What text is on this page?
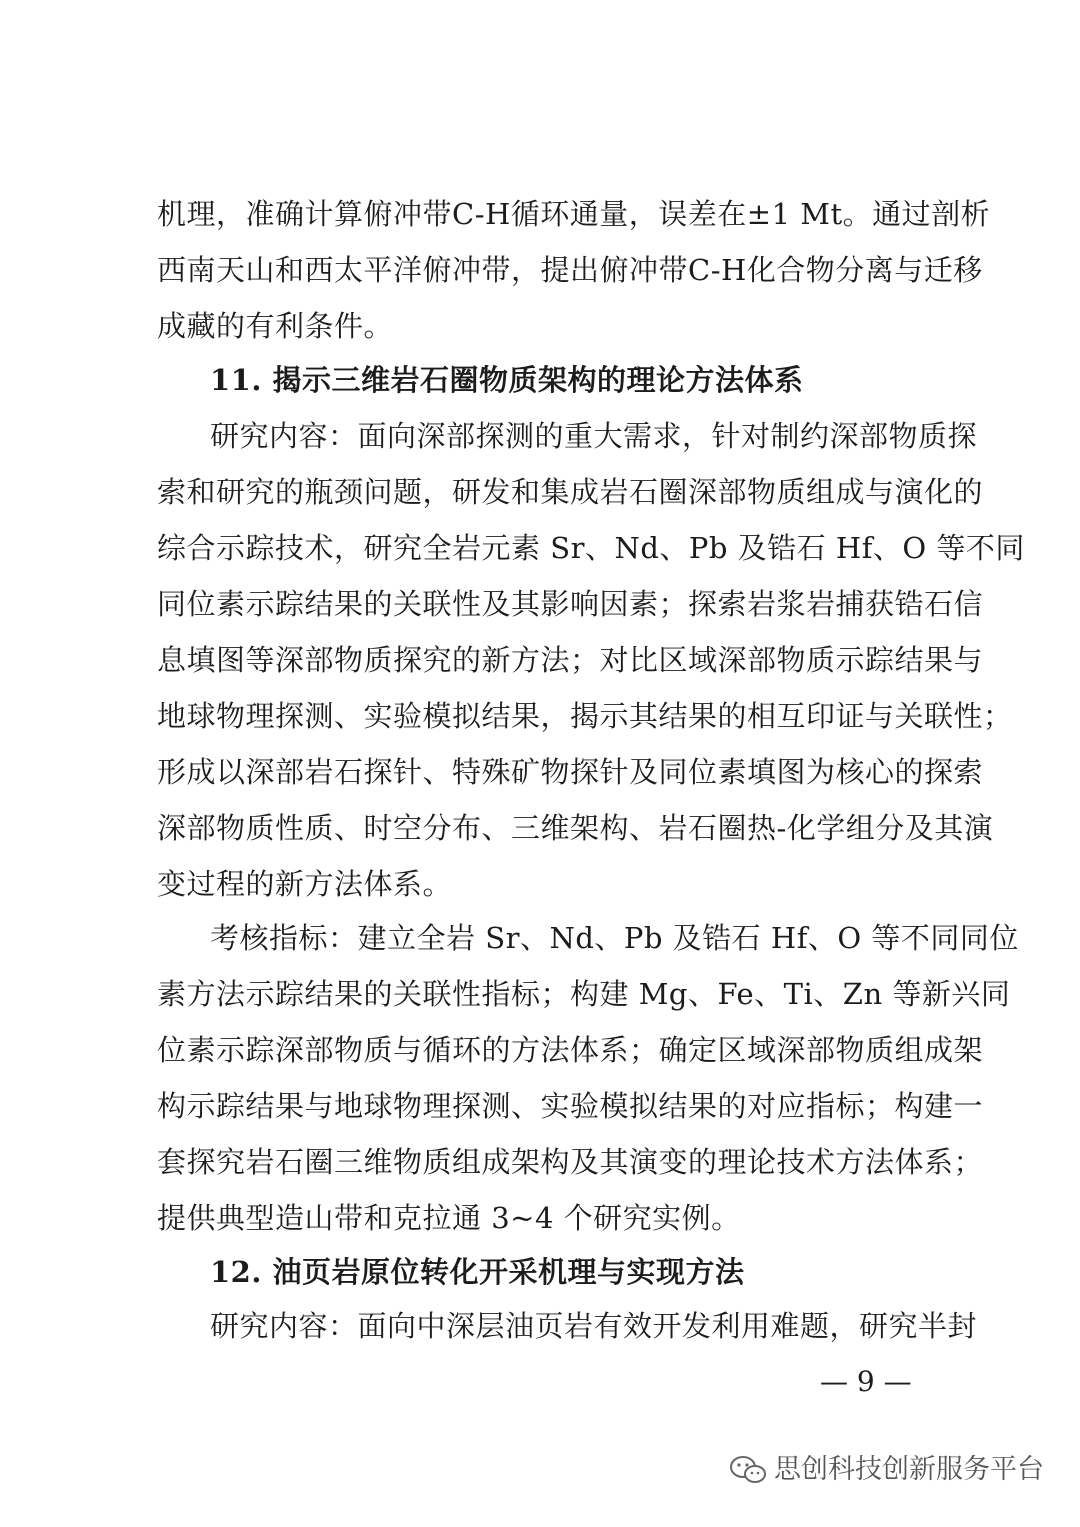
机理，准确计算俯冲带C-H循环通量，误差在±1 Mt。通过剖析
西南天山和西太平洋俯冲带，提出俯冲带C-H化合物分离与迁移
成藏的有利条件。
11. 揭示三维岩石圈物质架构的理论方法体系
研究内容：面向深部探测的重大需求，针对制约深部物质探
索和研究的瓶颈问题，研发和集成岩石圈深部物质组成与演化的
综合示踪技术，研究全岩元素 Sr、Nd、Pb 及锆石 Hf、O 等不同
同位素示踪结果的关联性及其影响因素；探索岩浆岩捕获锆石信
息填图等深部物质探究的新方法；对比区域深部物质示踪结果与
地球物理探测、实验模拟结果，揭示其结果的相互印证与关联性；
形成以深部岩石探针、特殊矿物探针及同位素填图为核心的探索
深部物质性质、时空分布、三维架构、岩石圈热-化学组分及其演
变过程的新方法体系。
考核指标：建立全岩 Sr、Nd、Pb 及锆石 Hf、O 等不同同位
素方法示踪结果的关联性指标；构建 Mg、Fe、Ti、Zn 等新兴同
位素示踪深部物质与循环的方法体系；确定区域深部物质组成架
构示踪结果与地球物理探测、实验模拟结果的对应指标；构建一
套探究岩石圈三维物质组成架构及其演变的理论技术方法体系；
提供典型造山带和克拉通 3~4 个研究实例。
12. 油页岩原位转化开采机理与实现方法
研究内容：面向中深层油页岩有效开发利用难题，研究半封
— 9 —
思创科技创新服务平台
